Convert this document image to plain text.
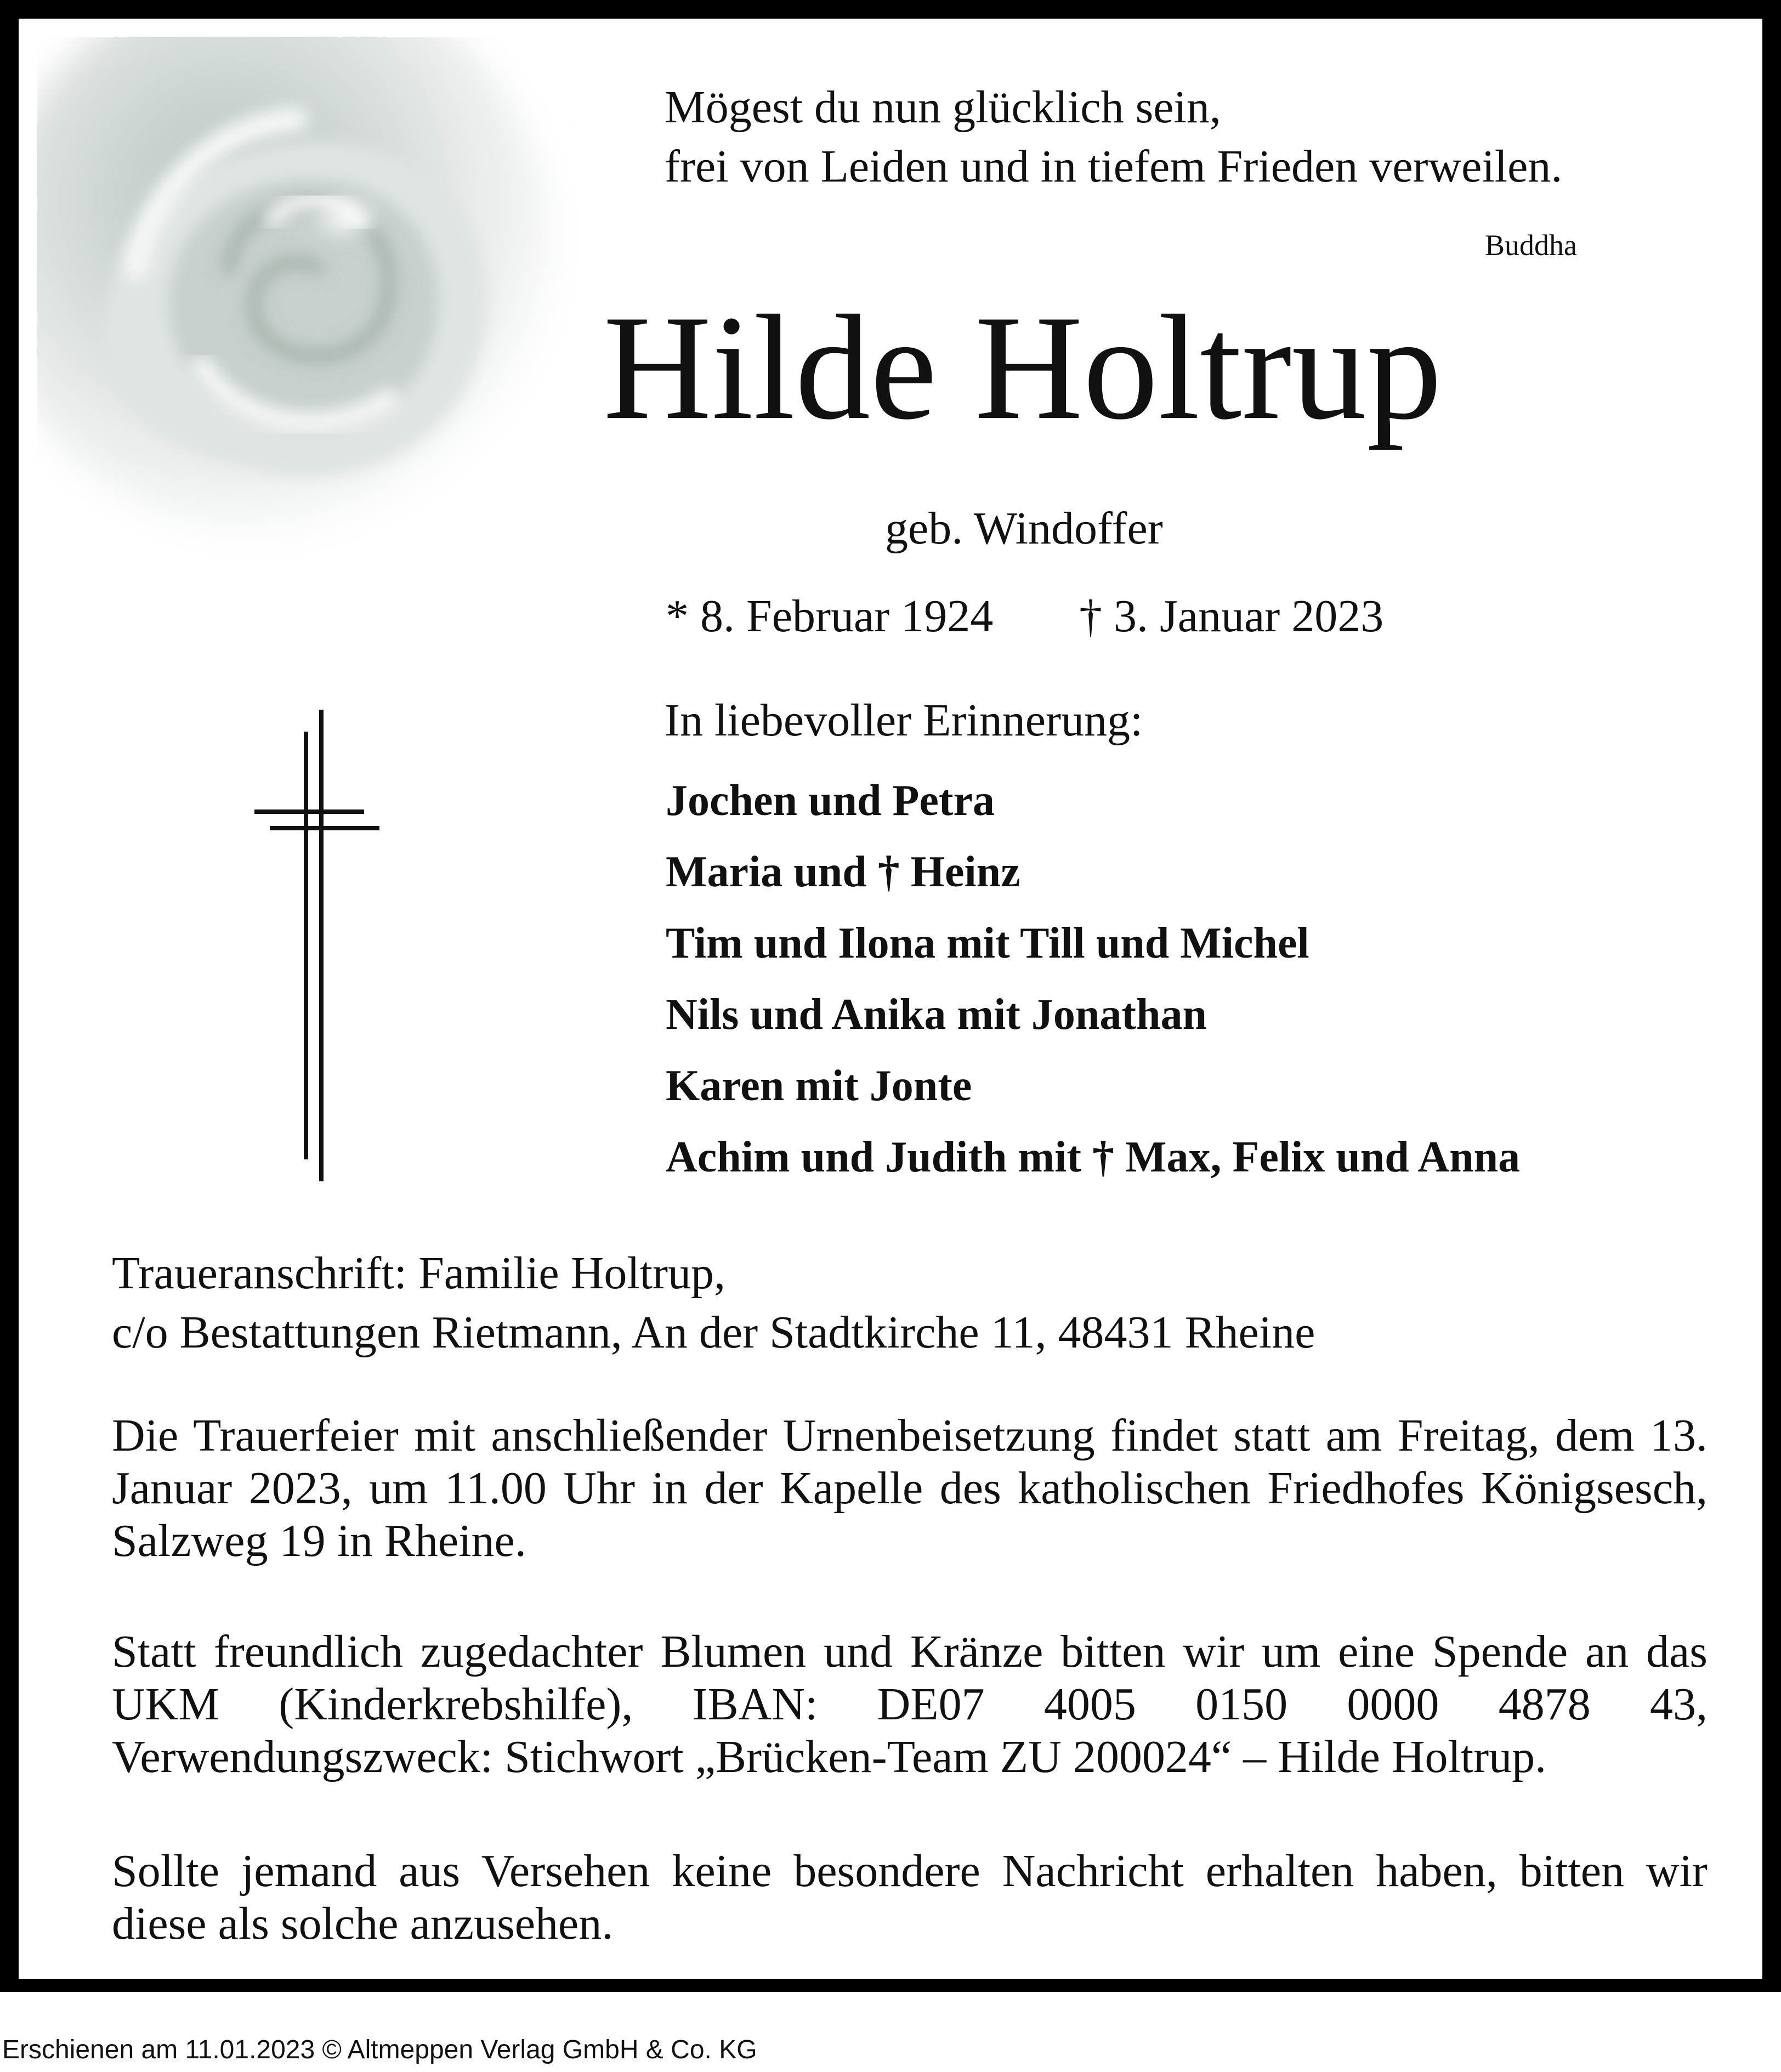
Mögest du nun glücklich sein,

frei von Leiden und in tiefem Frieden verweilen.

Buddha

Hilde Holtrup

geb. Windoffer

* 8. Februar 1924 † 3. Januar 2023

In liebevoller Erinnerung:

Jochen und Petra

Maria und † Heinz

Tim und Ilona mit Till und Michel

Nils und Anika mit Jonathan

Karen mit Jonte

Achim und Judith mit † Max, Felix und Anna

Traueranschrift: Familie Holtrup,

c/o Bestattungen Rietmann, An der Stadtkirche 11, 48431 Rheine

Die Trauerfeier mit anschließender Urnenbeisetzung findet statt am Freitag, dem 13. Januar 2023, um 11.00 Uhr in der Kapelle des katholischen Friedhofes Königsesch, Salzweg 19 in Rheine.

Statt freundlich zugedachter Blumen und Kränze bitten wir um eine Spende an das UKM (Kinderkrebshilfe), IBAN: DE07 4005 0150 0000 4878 43, Verwendungszweck: Stichwort „Brücken-Team ZU 200024“ – Hilde Holtrup.

Sollte jemand aus Versehen keine besondere Nachricht erhalten haben, bitten wir diese als solche anzusehen.

Erschienen am 11.01.2023 © Altmeppen Verlag GmbH & Co. KG
